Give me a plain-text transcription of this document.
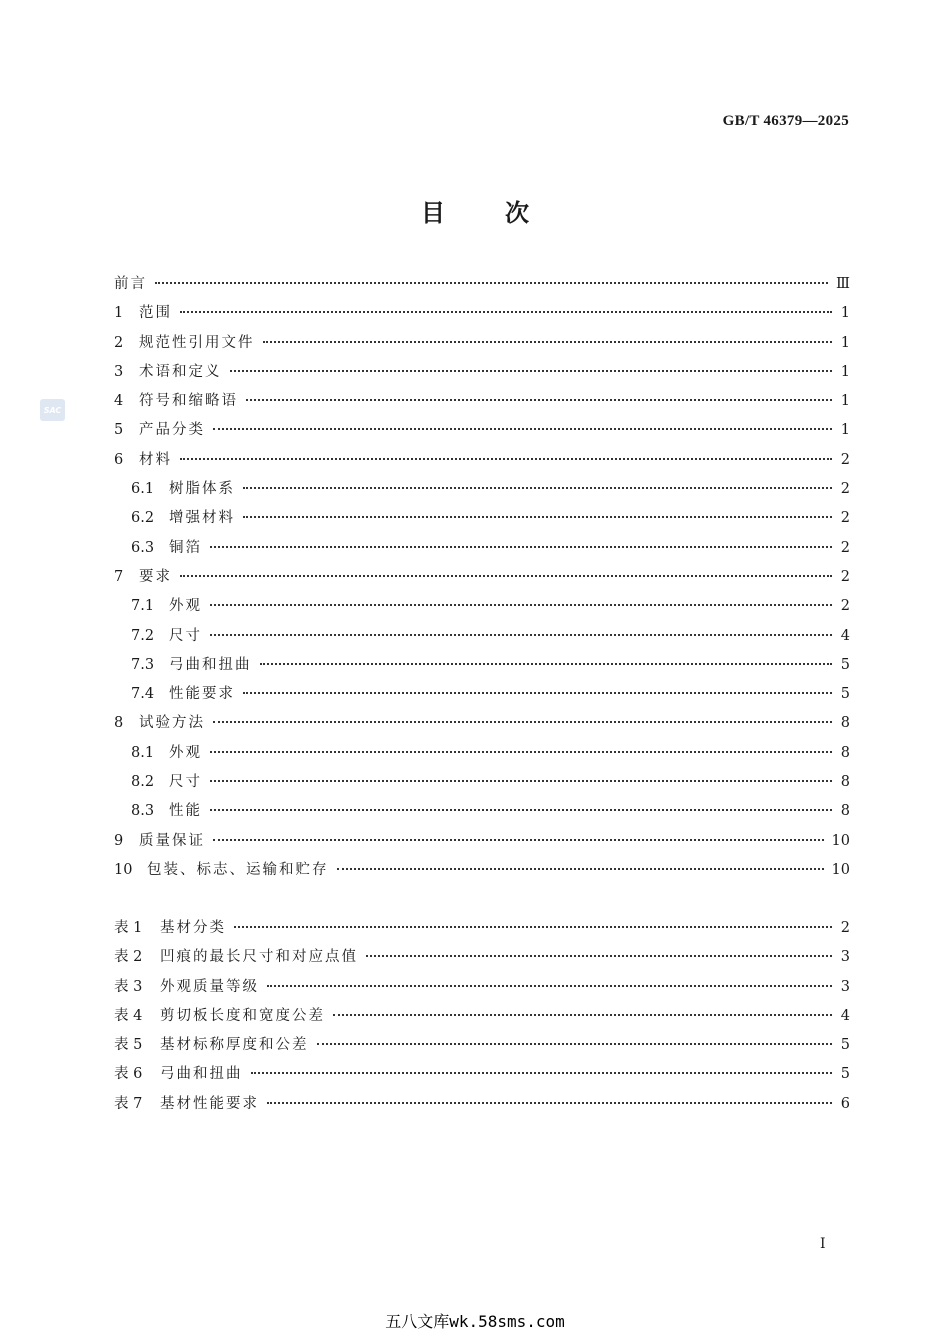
GB/T 46379—2025
目	次
SAC
前言	Ⅲ
1	范围	1
2	规范性引用文件	1
3	术语和定义	1
4	符号和缩略语	1
5	产品分类	1
6	材料	2
6.1	树脂体系	2
6.2	增强材料	2
6.3	铜箔	2
7	要求	2
7.1	外观	2
7.2	尺寸	4
7.3	弓曲和扭曲	5
7.4	性能要求	5
8	试验方法	8
8.1	外观	8
8.2	尺寸	8
8.3	性能	8
9	质量保证	10
10	包装、标志、运输和贮存	10
表 1	基材分类	2
表 2	凹痕的最长尺寸和对应点值	3
表 3	外观质量等级	3
表 4	剪切板长度和宽度公差	4
表 5	基材标称厚度和公差	5
表 6	弓曲和扭曲	5
表 7	基材性能要求	6
Ⅰ
五八文库wk.58sms.com
